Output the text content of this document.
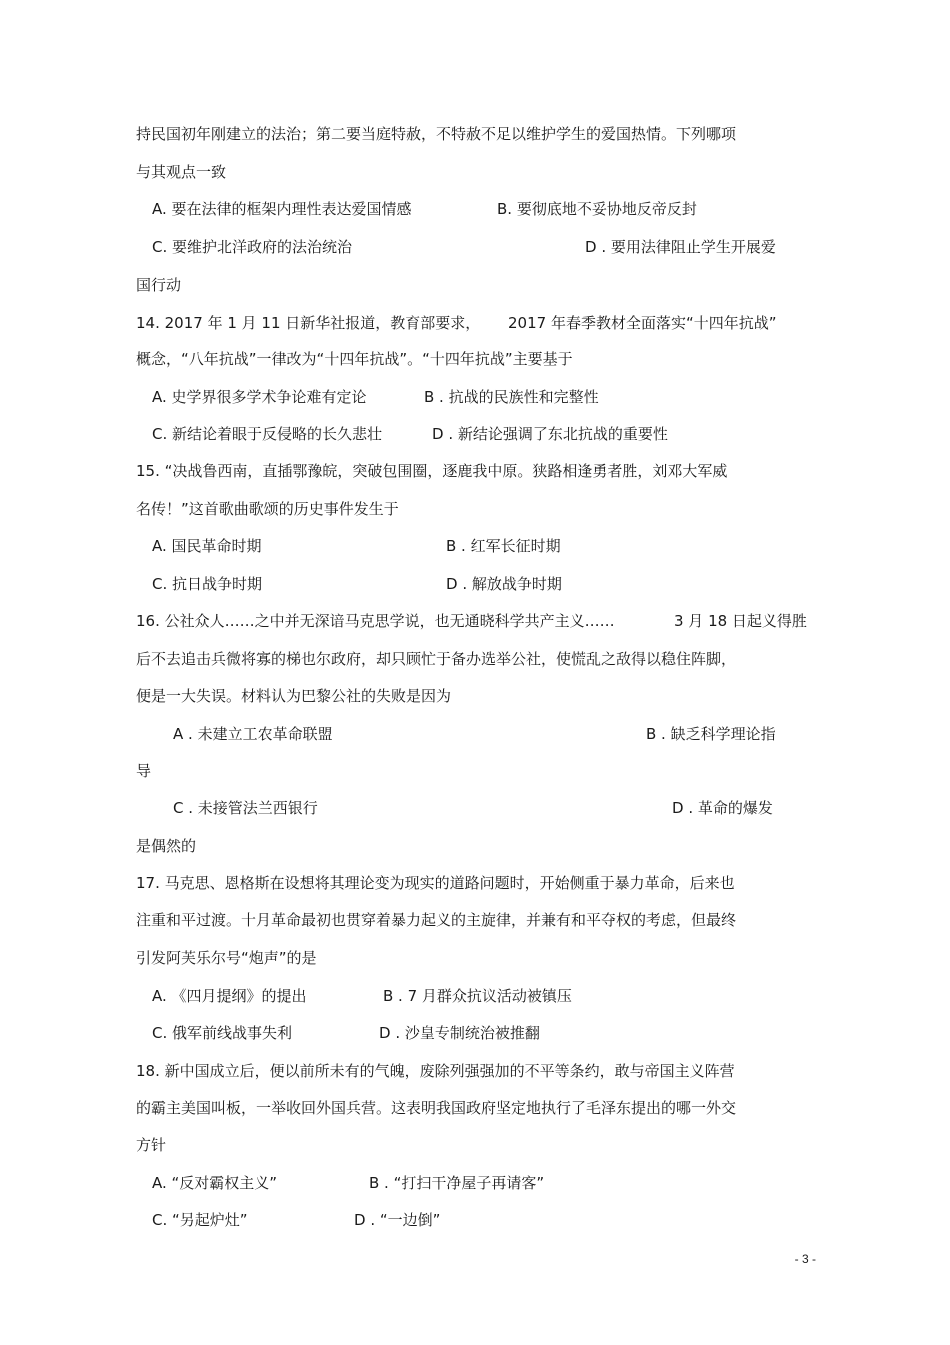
持民国初年刚建立的法治；第二要当庭特赦，不特赦不足以维护学生的爱国热情。下列哪项
与其观点一致
A. 要在法律的框架内理性表达爱国情感	B. 要彻底地不妥协地反帝反封
C. 要维护北洋政府的法治统治	D . 要用法律阻止学生开展爱
国行动
14. 2017 年 1 月 11 日新华社报道，教育部要求， 2017 年春季教材全面落实“十四年抗战”
概念，“八年抗战”一律改为“十四年抗战”。“十四年抗战”主要基于
A. 史学界很多学术争论难有定论	B . 抗战的民族性和完整性
C. 新结论着眼于反侵略的长久悲壮	D . 新结论强调了东北抗战的重要性
15. “决战鲁西南，直插鄂豫皖，突破包围圈，逐鹿我中原。狭路相逢勇者胜，刘邓大军威
名传！”这首歌曲歌颂的历史事件发生于
A. 国民革命时期	B . 红军长征时期
C. 抗日战争时期	D . 解放战争时期
16. 公社众人……之中并无深谙马克思学说，也无通晓科学共产主义……	3 月 18 日起义得胜
后不去追击兵微将寡的梯也尔政府，却只顾忙于备办选举公社，使慌乱之敌得以稳住阵脚，
便是一大失误。材料认为巴黎公社的失败是因为
A . 未建立工农革命联盟	B . 缺乏科学理论指
导
C . 未接管法兰西银行	D . 革命的爆发
是偶然的
17. 马克思、恩格斯在设想将其理论变为现实的道路问题时，开始侧重于暴力革命，后来也
注重和平过渡。十月革命最初也贯穿着暴力起义的主旋律，并兼有和平夺权的考虑，但最终
引发阿芙乐尔号“炮声”的是
A. 《四月提纲》的提出	B . 7 月群众抗议活动被镇压
C. 俄军前线战事失利	D . 沙皇专制统治被推翻
18. 新中国成立后，便以前所未有的气魄，废除列强强加的不平等条约，敢与帝国主义阵营
的霸主美国叫板，一举收回外国兵营。这表明我国政府坚定地执行了毛泽东提出的哪一外交
方针
A. “反对霸权主义”	B . “打扫干净屋子再请客”
C. “另起炉灶”	D . “一边倒”
- 3 -
